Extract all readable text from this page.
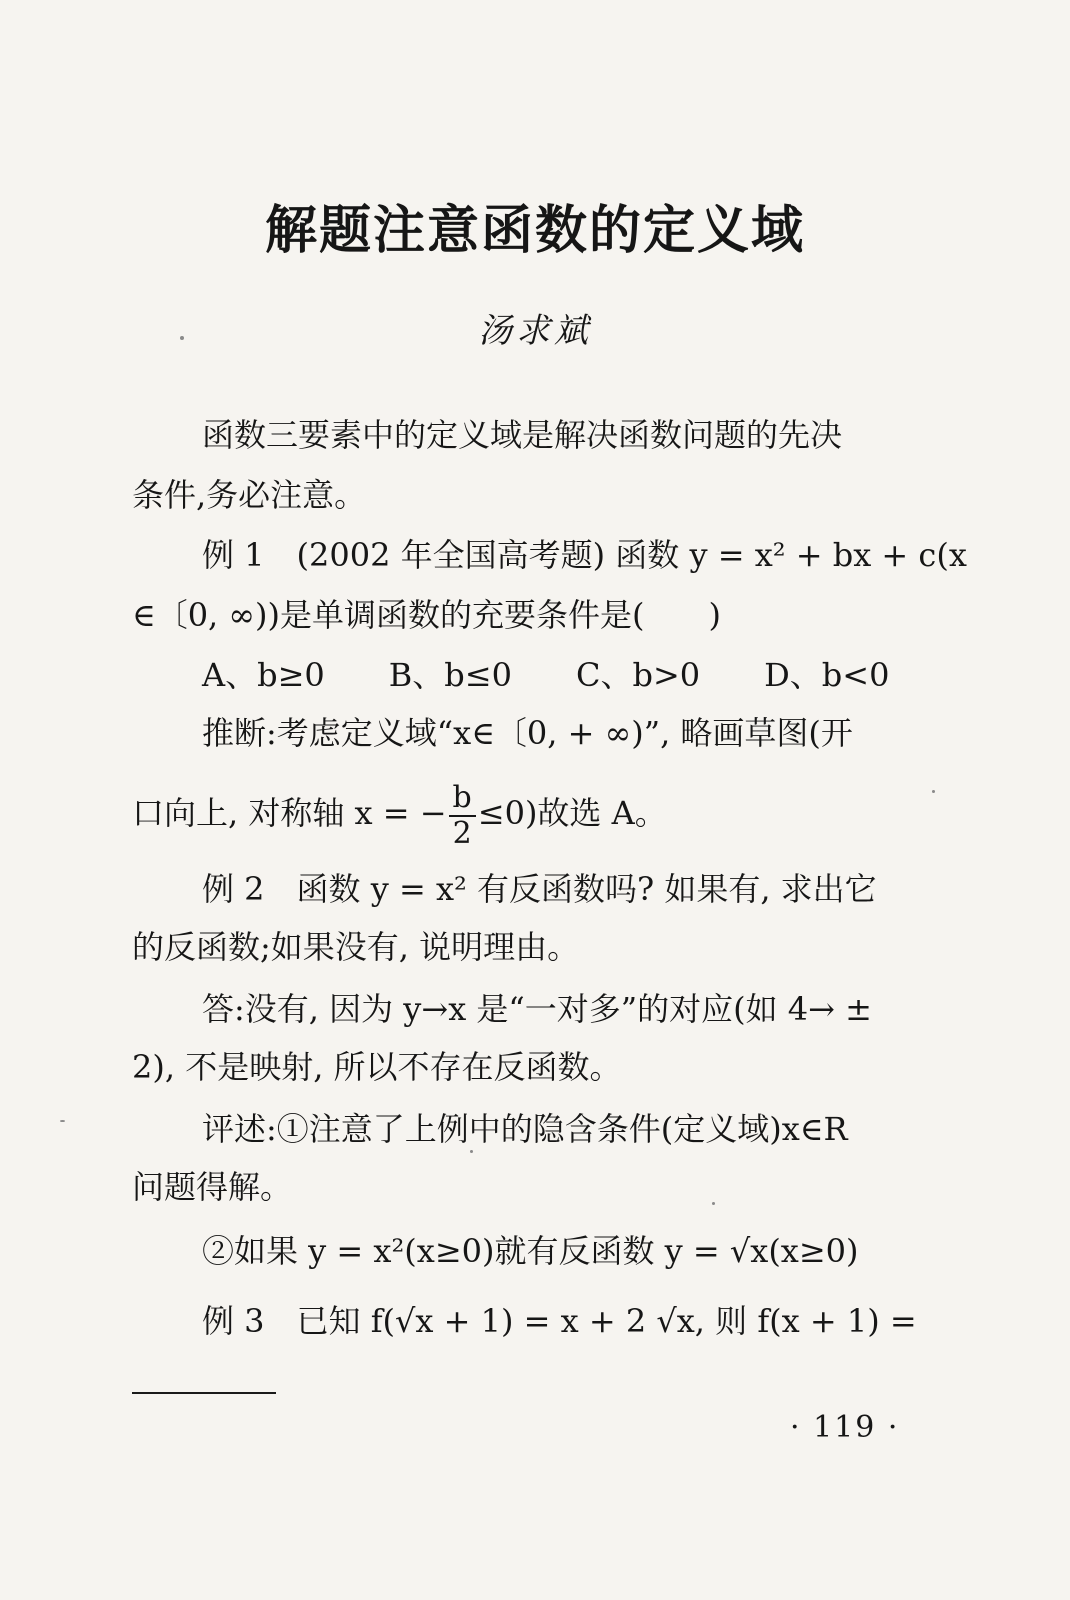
解题注意函数的定义域
汤求斌
函数三要素中的定义域是解决函数问题的先决
条件,务必注意。
例 1　(2002 年全国高考题) 函数 y = x² + bx + c(x
∈〔0, ∞))是单调函数的充要条件是(　　)
A、b≥0 B、b≤0 C、b>0 D、b<0
推断:考虑定义域“x∈〔0, + ∞)”, 略画草图(开
口向上, 对称轴 x = − $\frac{b}{2} \le 0$)故选 A。
例 2　函数 y = x² 有反函数吗? 如果有, 求出它
的反函数;如果没有, 说明理由。
答:没有, 因为 y→x 是“一对多”的对应(如 4→ ±
2), 不是映射, 所以不存在反函数。
评述:①注意了上例中的隐含条件(定义域)x∈R
问题得解。
②如果 y = x²(x≥0)就有反函数 y = √x(x≥0)
例 3　已知 f(√x + 1) = x + 2 √x, 则 f(x + 1) =
· 119 ·
